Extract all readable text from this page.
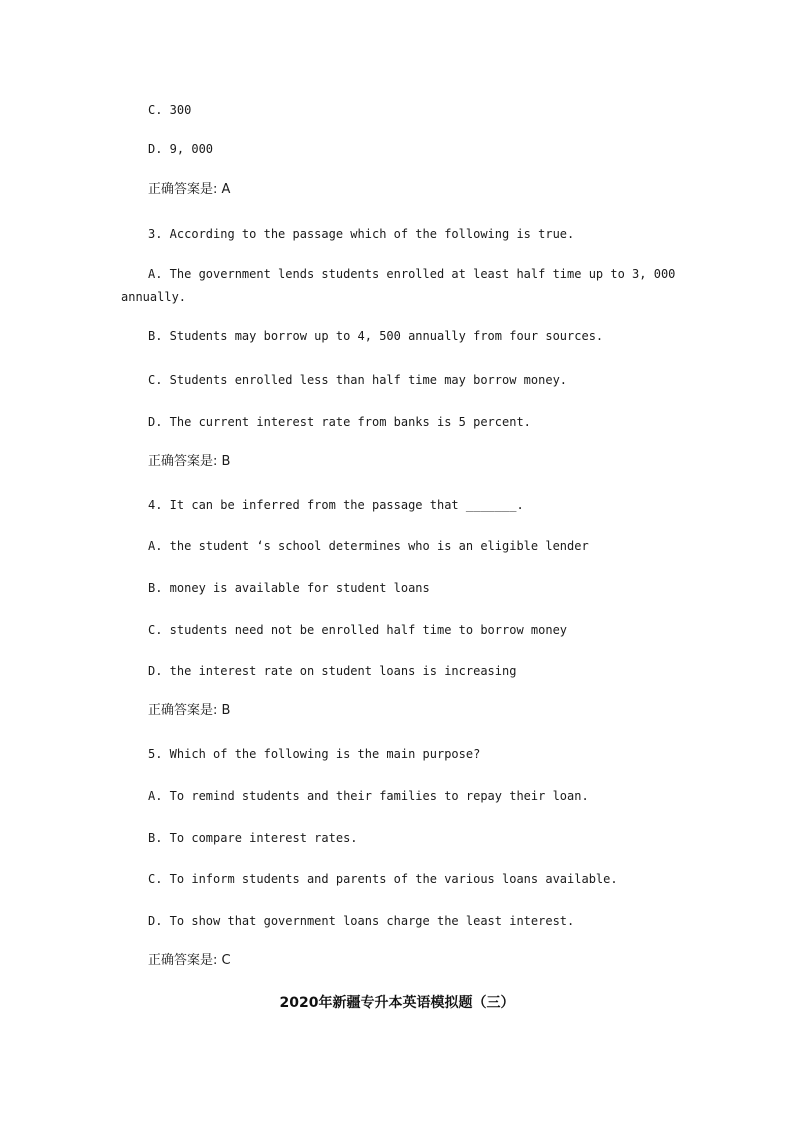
C. 300
D. 9, 000
正确答案是: A
3. According to the passage which of the following is true.
A. The government lends students enrolled at least half time up to 3, 000
annually.
B. Students may borrow up to 4, 500 annually from four sources.
C. Students enrolled less than half time may borrow money.
D. The current interest rate from banks is 5 percent.
正确答案是: B
4. It can be inferred from the passage that _______.
A. the student ‘s school determines who is an eligible lender
B. money is available for student loans
C. students need not be enrolled half time to borrow money
D. the interest rate on student loans is increasing
正确答案是: B
5. Which of the following is the main purpose?
A. To remind students and their families to repay their loan.
B. To compare interest rates.
C. To inform students and parents of the various loans available.
D. To show that government loans charge the least interest.
正确答案是: C
2020年新疆专升本英语模拟题（三）
